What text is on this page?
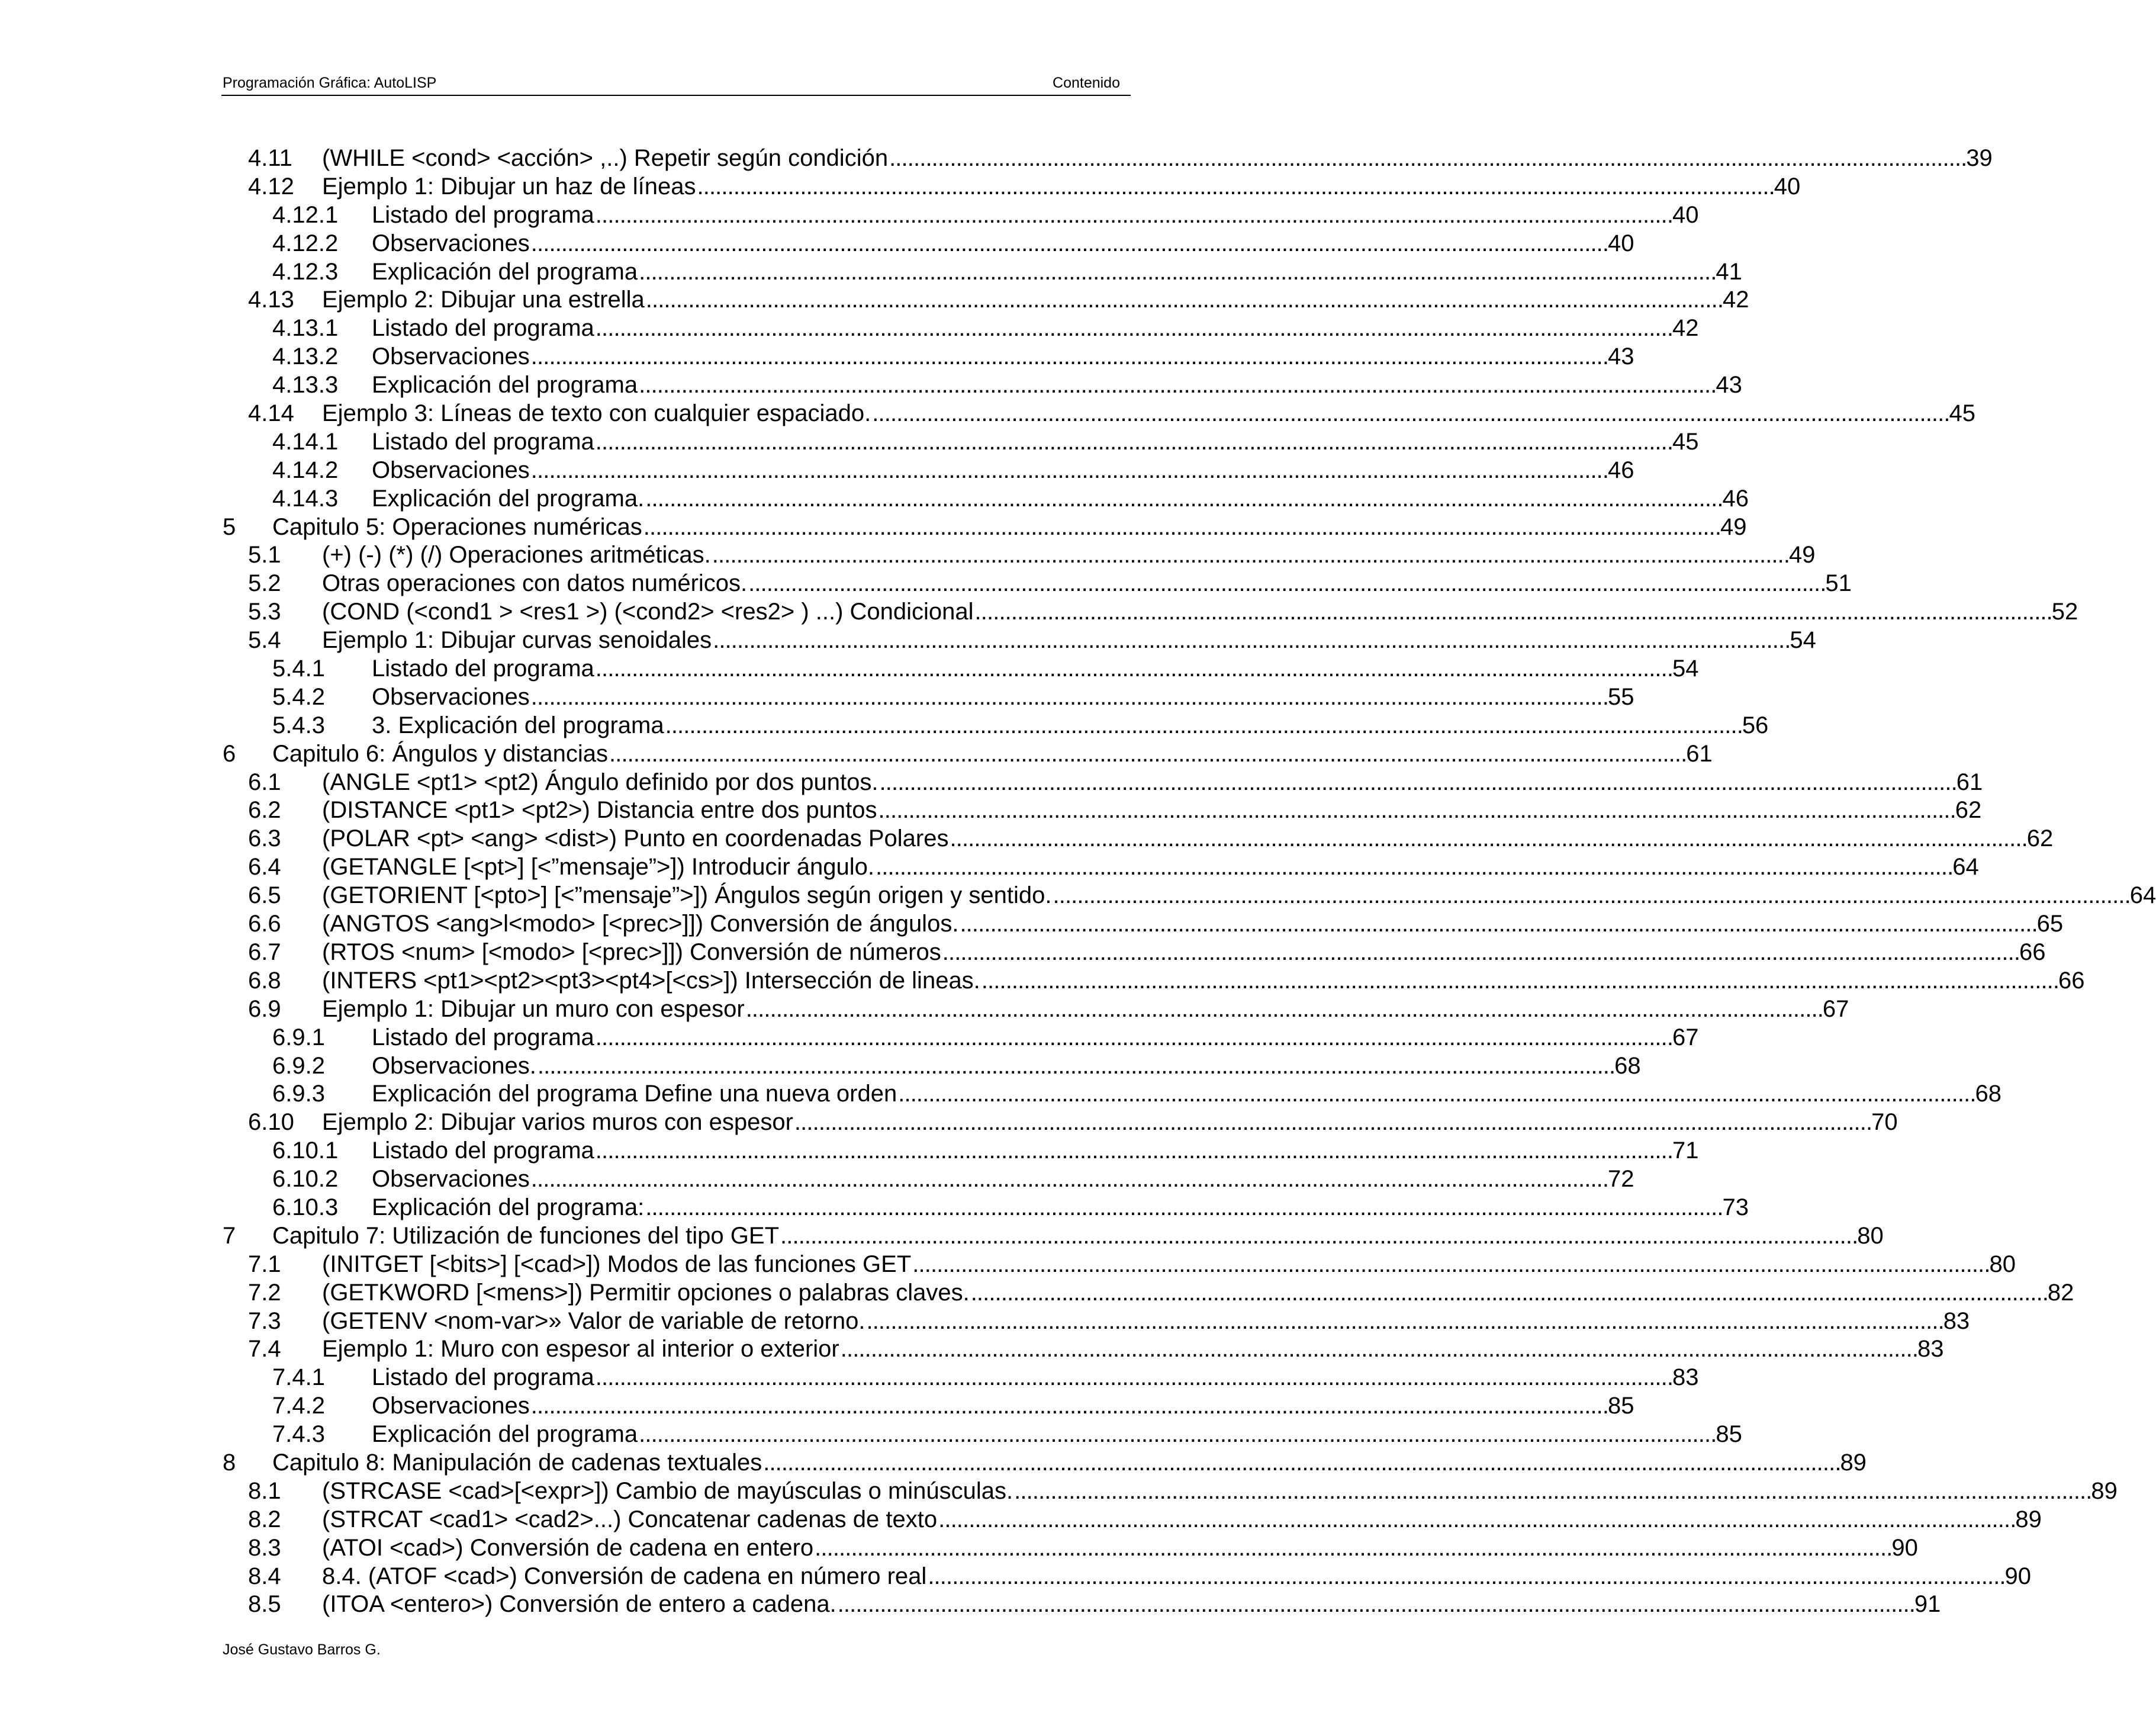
Programación Gráfica: AutoLISP	Contenido
4.11 (WHILE <cond> <acción> ,..) Repetir según condición . . .	39
4.12 Ejemplo 1: Dibujar un haz de líneas . . .	40
4.12.1 Listado del programa . . .	40
4.12.2 Observaciones . . .	40
4.12.3 Explicación del programa . . .	41
4.13 Ejemplo 2: Dibujar una estrella . . .	42
4.13.1 Listado del programa . . .	42
4.13.2 Observaciones . . .	43
4.13.3 Explicación del programa . . .	43
4.14 Ejemplo 3: Líneas de texto con cualquier espaciado. . . .	45
4.14.1 Listado del programa . . .	45
4.14.2 Observaciones . . .	46
4.14.3 Explicación del programa. . . .	46
5 Capitulo 5: Operaciones numéricas . . .	49
5.1 (+) (-) (*) (/) Operaciones aritméticas. . . .	49
5.2 Otras operaciones con datos numéricos. . . .	51
5.3 (COND (<cond1 > <res1 >) (<cond2> <res2> ) ...) Condicional . . .	52
5.4 Ejemplo 1: Dibujar curvas senoidales . . .	54
5.4.1 Listado del programa . . .	54
5.4.2 Observaciones . . .	55
5.4.3 3. Explicación del programa . . .	56
6 Capitulo 6: Ángulos y distancias . . .	61
6.1 (ANGLE <pt1> <pt2) Ángulo definido por dos puntos. . . .	61
6.2 (DISTANCE <pt1> <pt2>) Distancia entre dos puntos . . .	62
6.3 (POLAR <pt> <ang> <dist>) Punto en coordenadas Polares . . .	62
6.4 (GETANGLE [<pt>] [<”mensaje”>]) Introducir ángulo. . . .	64
6.5 (GETORIENT [<pto>] [<”mensaje”>]) Ángulos según origen y sentido. . . .	64
6.6 (ANGTOS <ang>l<modo> [<prec>]]) Conversión de ángulos. . . .	65
6.7 (RTOS <num> [<modo> [<prec>]]) Conversión de números . . .	66
6.8 (INTERS <pt1><pt2><pt3><pt4>[<cs>]) Intersección de lineas. . . .	66
6.9 Ejemplo 1: Dibujar un muro con espesor . . .	67
6.9.1 Listado del programa . . .	67
6.9.2 Observaciones. . . .	68
6.9.3 Explicación del programa Define una nueva orden . . .	68
6.10 Ejemplo 2: Dibujar varios muros con espesor . . .	70
6.10.1 Listado del programa . . .	71
6.10.2 Observaciones . . .	72
6.10.3 Explicación del programa: . . .	73
7 Capitulo 7: Utilización de funciones del tipo GET . . .	80
7.1 (INITGET [<bits>] [<cad>]) Modos de las funciones GET . . .	80
7.2 (GETKWORD [<mens>]) Permitir opciones o palabras claves. . . .	82
7.3 (GETENV <nom-var>» Valor de variable de retorno. . . .	83
7.4 Ejemplo 1: Muro con espesor al interior o exterior . . .	83
7.4.1 Listado del programa . . .	83
7.4.2 Observaciones . . .	85
7.4.3 Explicación del programa . . .	85
8 Capitulo 8: Manipulación de cadenas textuales . . .	89
8.1 (STRCASE <cad>[<expr>]) Cambio de mayúsculas o minúsculas. . . .	89
8.2 (STRCAT <cad1> <cad2>...) Concatenar cadenas de texto . . .	89
8.3 (ATOI <cad>) Conversión de cadena en entero . . .	90
8.4 8.4. (ATOF <cad>) Conversión de cadena en número real . . .	90
8.5 (ITOA <entero>) Conversión de entero a cadena. . . .	91
José Gustavo Barros G.
